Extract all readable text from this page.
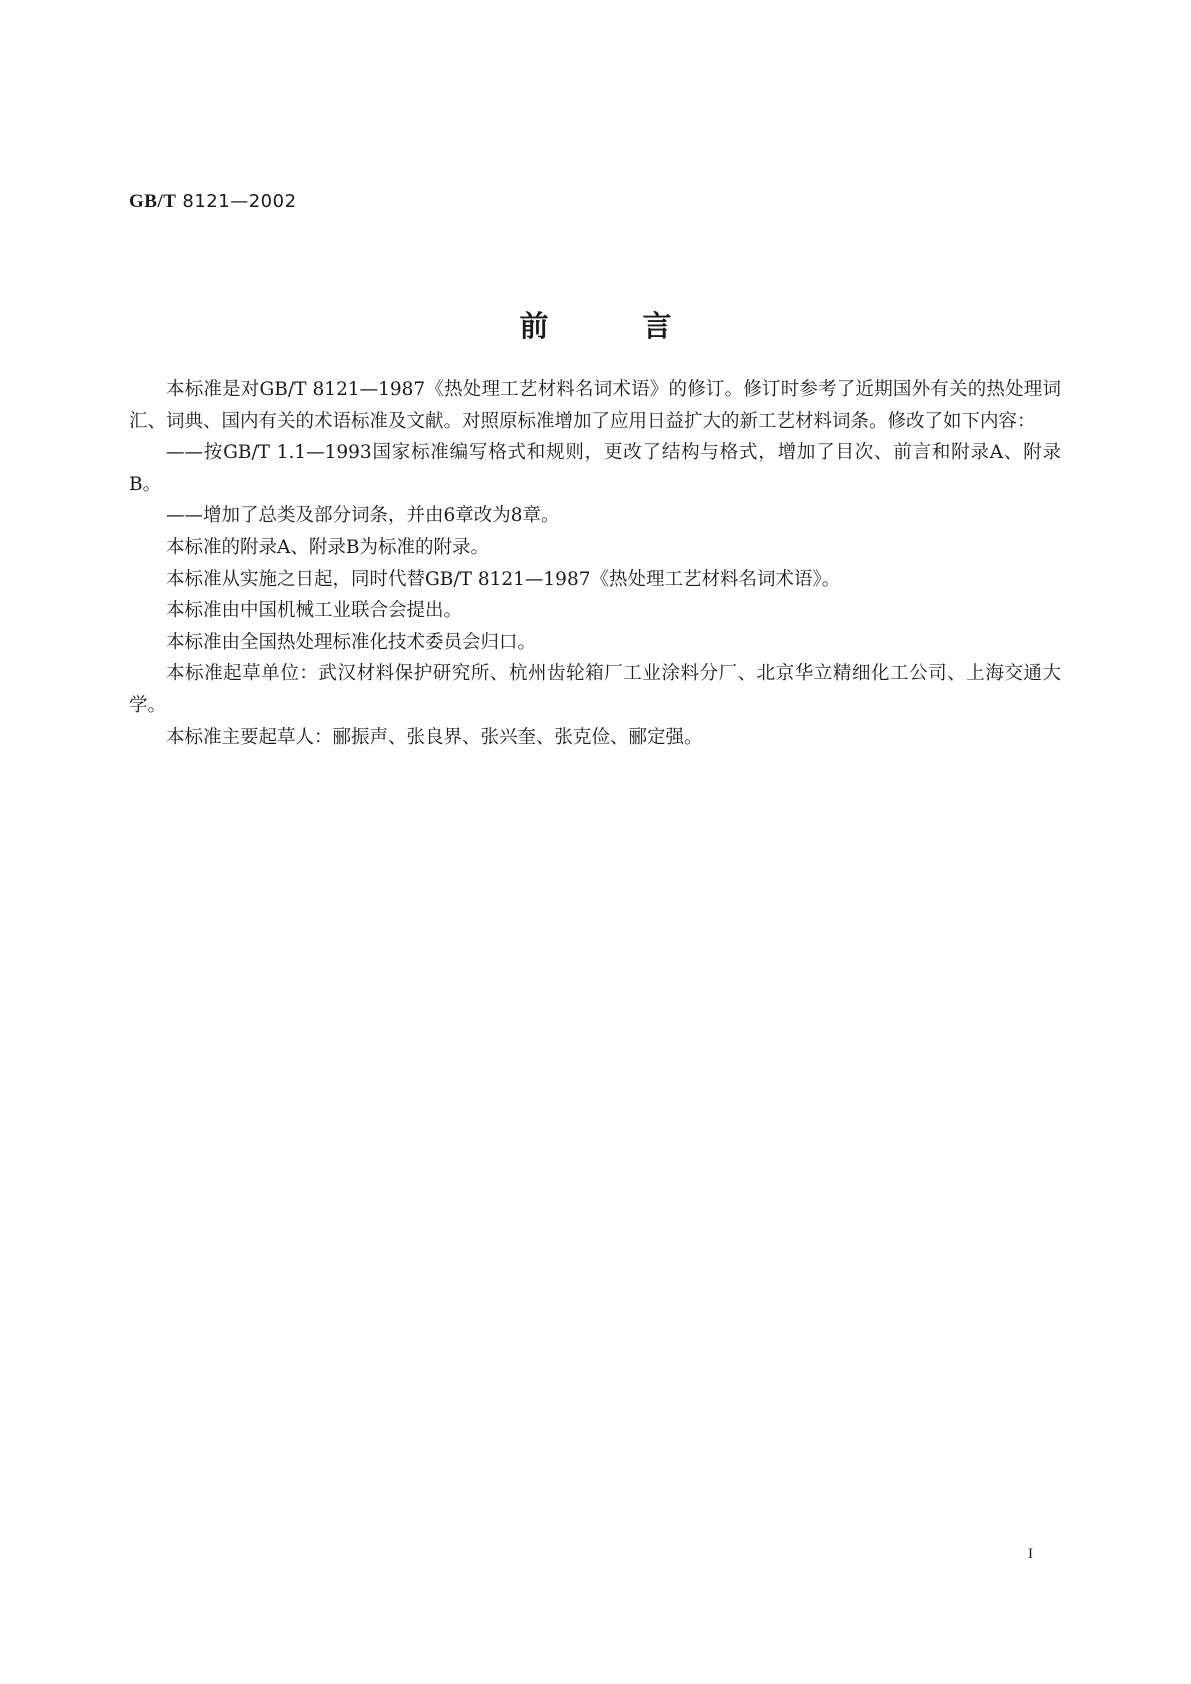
GB/T 8121—2002
前言

本标准是对GB/T 8121—1987《热处理工艺材料名词术语》的修订。修订时参考了近期国外有关的热处理词汇、词典、国内有关的术语标准及文献。对照原标准增加了应用日益扩大的新工艺材料词条。修改了如下内容：

——按GB/T 1.1—1993国家标准编写格式和规则，更改了结构与格式，增加了目次、前言和附录A、附录B。

——增加了总类及部分词条，并由6章改为8章。

本标准的附录A、附录B为标准的附录。

本标准从实施之日起，同时代替GB/T 8121—1987《热处理工艺材料名词术语》。

本标准由中国机械工业联合会提出。

本标准由全国热处理标准化技术委员会归口。

本标准起草单位：武汉材料保护研究所、杭州齿轮箱厂工业涂料分厂、北京华立精细化工公司、上海交通大学。

本标准主要起草人：郦振声、张良界、张兴奎、张克俭、郦定强。

I
